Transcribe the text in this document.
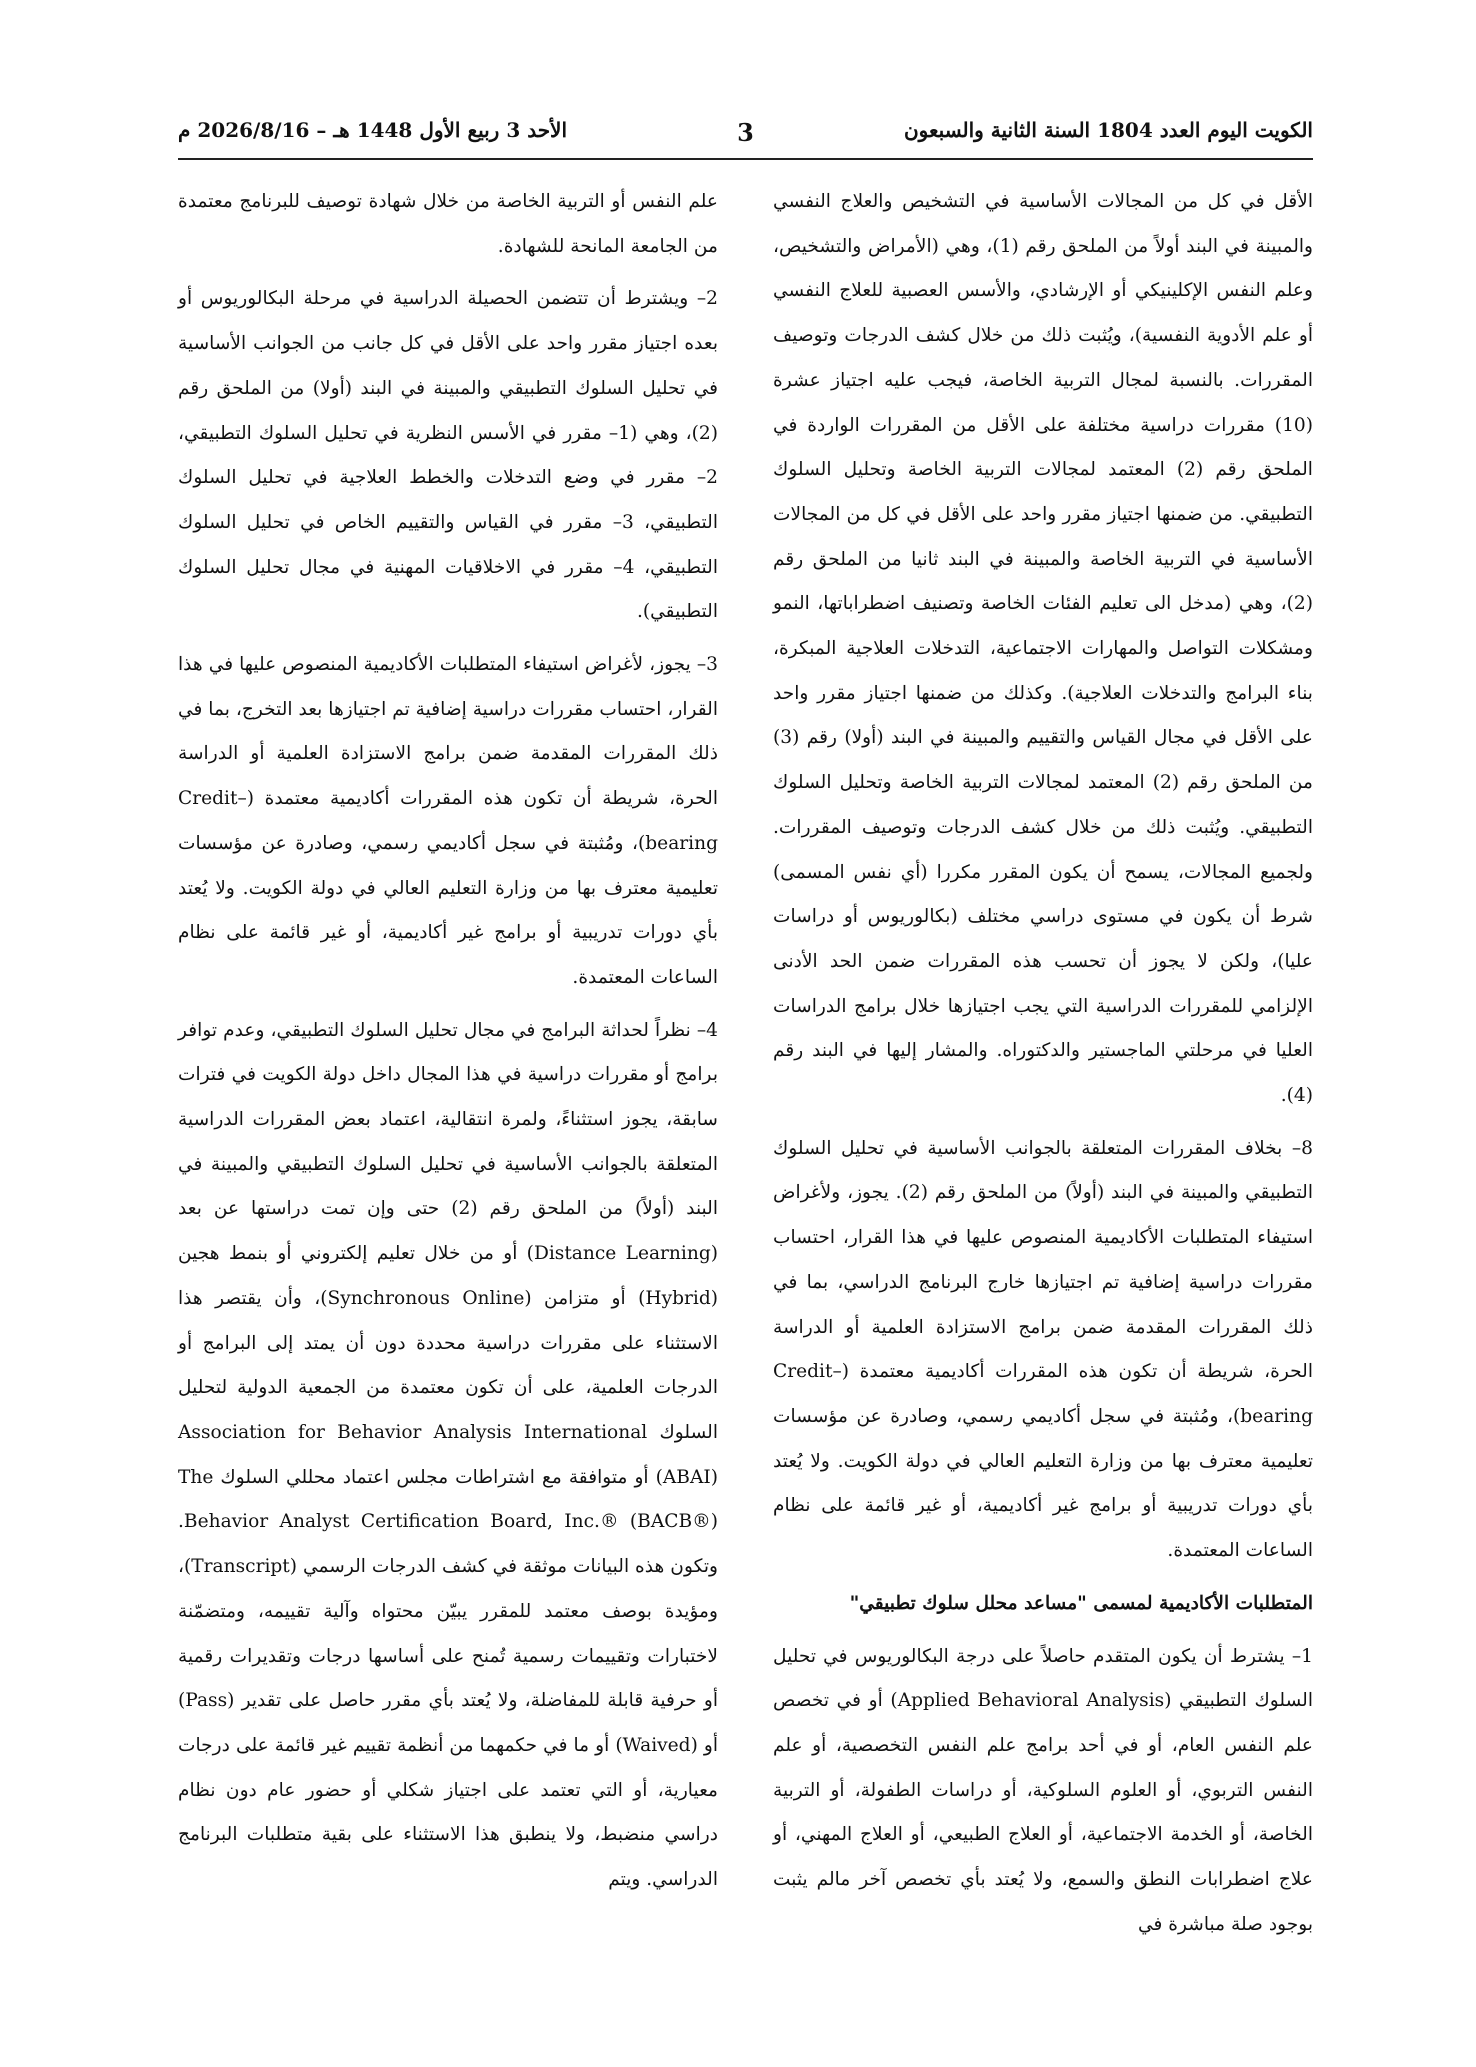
الكويت اليوم العدد 1804 السنة الثانية والسبعون
3
الأحد 3 ربيع الأول 1448 هـ – 2026/8/16 م

الأقل في كل من المجالات الأساسية في التشخيص والعلاج النفسي والمبينة في البند أولاً من الملحق رقم (1)، وهي (الأمراض والتشخيص، وعلم النفس الإكلينيكي أو الإرشادي، والأسس العصبية للعلاج النفسي أو علم الأدوية النفسية)، ويُثبت ذلك من خلال كشف الدرجات وتوصيف المقررات. بالنسبة لمجال التربية الخاصة، فيجب عليه اجتياز عشرة (10) مقررات دراسية مختلفة على الأقل من المقررات الواردة في الملحق رقم (2) المعتمد لمجالات التربية الخاصة وتحليل السلوك التطبيقي. من ضمنها اجتياز مقرر واحد على الأقل في كل من المجالات الأساسية في التربية الخاصة والمبينة في البند ثانيا من الملحق رقم (2)، وهي (مدخل الى تعليم الفئات الخاصة وتصنيف اضطراباتها، النمو ومشكلات التواصل والمهارات الاجتماعية، التدخلات العلاجية المبكرة، بناء البرامج والتدخلات العلاجية). وكذلك من ضمنها اجتياز مقرر واحد على الأقل في مجال القياس والتقييم والمبينة في البند (أولا) رقم (3) من الملحق رقم (2) المعتمد لمجالات التربية الخاصة وتحليل السلوك التطبيقي. ويُثبت ذلك من خلال كشف الدرجات وتوصيف المقررات. ولجميع المجالات، يسمح أن يكون المقرر مكررا (أي نفس المسمى) شرط أن يكون في مستوى دراسي مختلف (بكالوريوس أو دراسات عليا)، ولكن لا يجوز أن تحسب هذه المقررات ضمن الحد الأدنى الإلزامي للمقررات الدراسية التي يجب اجتيازها خلال برامج الدراسات العليا في مرحلتي الماجستير والدكتوراه. والمشار إليها في البند رقم (4).

8– بخلاف المقررات المتعلقة بالجوانب الأساسية في تحليل السلوك التطبيقي والمبينة في البند (أولاً) من الملحق رقم (2). يجوز، ولأغراض استيفاء المتطلبات الأكاديمية المنصوص عليها في هذا القرار، احتساب مقررات دراسية إضافية تم اجتيازها خارج البرنامج الدراسي، بما في ذلك المقررات المقدمة ضمن برامج الاستزادة العلمية أو الدراسة الحرة، شريطة أن تكون هذه المقررات أكاديمية معتمدة (Credit–bearing)، ومُثبتة في سجل أكاديمي رسمي، وصادرة عن مؤسسات تعليمية معترف بها من وزارة التعليم العالي في دولة الكويت. ولا يُعتد بأي دورات تدريبية أو برامج غير أكاديمية، أو غير قائمة على نظام الساعات المعتمدة.

المتطلبات الأكاديمية لمسمى "مساعد محلل سلوك تطبيقي"

1– يشترط أن يكون المتقدم حاصلاً على درجة البكالوريوس في تحليل السلوك التطبيقي (Applied Behavioral Analysis) أو في تخصص علم النفس العام، أو في أحد برامج علم النفس التخصصية، أو علم النفس التربوي، أو العلوم السلوكية، أو دراسات الطفولة، أو التربية الخاصة، أو الخدمة الاجتماعية، أو العلاج الطبيعي، أو العلاج المهني، أو علاج اضطرابات النطق والسمع، ولا يُعتد بأي تخصص آخر مالم يثبت بوجود صلة مباشرة في

علم النفس أو التربية الخاصة من خلال شهادة توصيف للبرنامج معتمدة من الجامعة المانحة للشهادة.

2– ويشترط أن تتضمن الحصيلة الدراسية في مرحلة البكالوريوس أو بعده اجتياز مقرر واحد على الأقل في كل جانب من الجوانب الأساسية في تحليل السلوك التطبيقي والمبينة في البند (أولا) من الملحق رقم (2)، وهي (1– مقرر في الأسس النظرية في تحليل السلوك التطبيقي، 2– مقرر في وضع التدخلات والخطط العلاجية في تحليل السلوك التطبيقي، 3– مقرر في القياس والتقييم الخاص في تحليل السلوك التطبيقي، 4– مقرر في الاخلاقيات المهنية في مجال تحليل السلوك التطبيقي).

3– يجوز، لأغراض استيفاء المتطلبات الأكاديمية المنصوص عليها في هذا القرار، احتساب مقررات دراسية إضافية تم اجتيازها بعد التخرج، بما في ذلك المقررات المقدمة ضمن برامج الاستزادة العلمية أو الدراسة الحرة، شريطة أن تكون هذه المقررات أكاديمية معتمدة (Credit–bearing)، ومُثبتة في سجل أكاديمي رسمي، وصادرة عن مؤسسات تعليمية معترف بها من وزارة التعليم العالي في دولة الكويت. ولا يُعتد بأي دورات تدريبية أو برامج غير أكاديمية، أو غير قائمة على نظام الساعات المعتمدة.

4– نظراً لحداثة البرامج في مجال تحليل السلوك التطبيقي، وعدم توافر برامج أو مقررات دراسية في هذا المجال داخل دولة الكويت في فترات سابقة، يجوز استثناءً، ولمرة انتقالية، اعتماد بعض المقررات الدراسية المتعلقة بالجوانب الأساسية في تحليل السلوك التطبيقي والمبينة في البند (أولاً) من الملحق رقم (2) حتى وإن تمت دراستها عن بعد (Distance Learning) أو من خلال تعليم إلكتروني أو بنمط هجين (Hybrid) أو متزامن (Synchronous Online)، وأن يقتصر هذا الاستثناء على مقررات دراسية محددة دون أن يمتد إلى البرامج أو الدرجات العلمية، على أن تكون معتمدة من الجمعية الدولية لتحليل السلوك Association for Behavior Analysis International (ABAI) أو متوافقة مع اشتراطات مجلس اعتماد محللي السلوك The Behavior Analyst Certification Board, Inc.® (BACB®). وتكون هذه البيانات موثقة في كشف الدرجات الرسمي (Transcript)، ومؤيدة بوصف معتمد للمقرر يبيّن محتواه وآلية تقييمه، ومتضمّنة لاختبارات وتقييمات رسمية تُمنح على أساسها درجات وتقديرات رقمية أو حرفية قابلة للمفاضلة، ولا يُعتد بأي مقرر حاصل على تقدير (Pass) أو (Waived) أو ما في حكمهما من أنظمة تقييم غير قائمة على درجات معيارية، أو التي تعتمد على اجتياز شكلي أو حضور عام دون نظام دراسي منضبط، ولا ينطبق هذا الاستثناء على بقية متطلبات البرنامج الدراسي. ويتم
